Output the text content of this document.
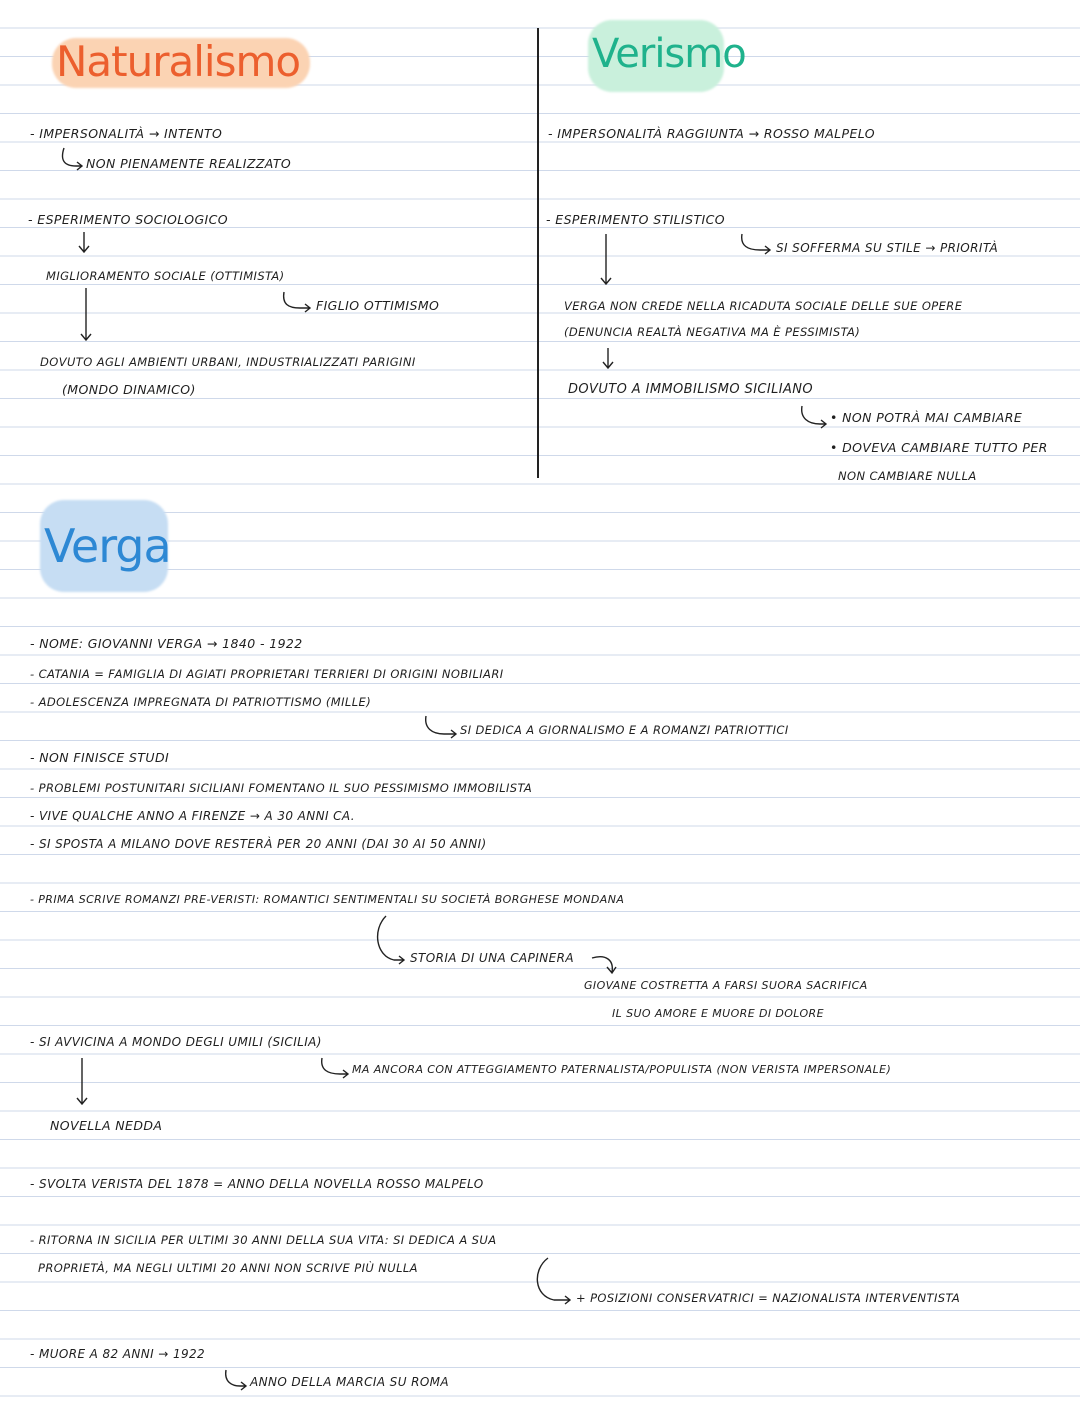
Naturalismo	Verismo
Verga
- IMPERSONALITÀ → INTENTO
NON PIENAMENTE REALIZZATO
- ESPERIMENTO SOCIOLOGICO
MIGLIORAMENTO SOCIALE (OTTIMISTA)
FIGLIO OTTIMISMO
DOVUTO AGLI AMBIENTI URBANI, INDUSTRIALIZZATI PARIGINI
(MONDO DINAMICO)
- IMPERSONALITÀ RAGGIUNTA → ROSSO MALPELO
- ESPERIMENTO STILISTICO
SI SOFFERMA SU STILE → PRIORITÀ
VERGA NON CREDE NELLA RICADUTA SOCIALE DELLE SUE OPERE
(DENUNCIA REALTÀ NEGATIVA MA È PESSIMISTA)
DOVUTO A IMMOBILISMO SICILIANO
• NON POTRÀ MAI CAMBIARE
• DOVEVA CAMBIARE TUTTO PER
NON CAMBIARE NULLA
- NOME: GIOVANNI VERGA → 1840 - 1922
- CATANIA = FAMIGLIA DI AGIATI PROPRIETARI TERRIERI DI ORIGINI NOBILIARI
- ADOLESCENZA IMPREGNATA DI PATRIOTTISMO (MILLE)
SI DEDICA A GIORNALISMO E A ROMANZI PATRIOTTICI
- NON FINISCE STUDI
- PROBLEMI POSTUNITARI SICILIANI FOMENTANO IL SUO PESSIMISMO IMMOBILISTA
- VIVE QUALCHE ANNO A FIRENZE → A 30 ANNI CA.
- SI SPOSTA A MILANO DOVE RESTERÀ PER 20 ANNI (DAI 30 AI 50 ANNI)
- PRIMA SCRIVE ROMANZI PRE-VERISTI: ROMANTICI SENTIMENTALI SU SOCIETÀ BORGHESE MONDANA
STORIA DI UNA CAPINERA
GIOVANE COSTRETTA A FARSI SUORA SACRIFICA
IL SUO AMORE E MUORE DI DOLORE
- SI AVVICINA A MONDO DEGLI UMILI (SICILIA)
MA ANCORA CON ATTEGGIAMENTO PATERNALISTA/POPULISTA (NON VERISTA IMPERSONALE)
NOVELLA NEDDA
- SVOLTA VERISTA DEL 1878 = ANNO DELLA NOVELLA ROSSO MALPELO
- RITORNA IN SICILIA PER ULTIMI 30 ANNI DELLA SUA VITA: SI DEDICA A SUA
PROPRIETÀ, MA NEGLI ULTIMI 20 ANNI NON SCRIVE PIÙ NULLA
+ POSIZIONI CONSERVATRICI = NAZIONALISTA INTERVENTISTA
- MUORE A 82 ANNI → 1922
ANNO DELLA MARCIA SU ROMA
